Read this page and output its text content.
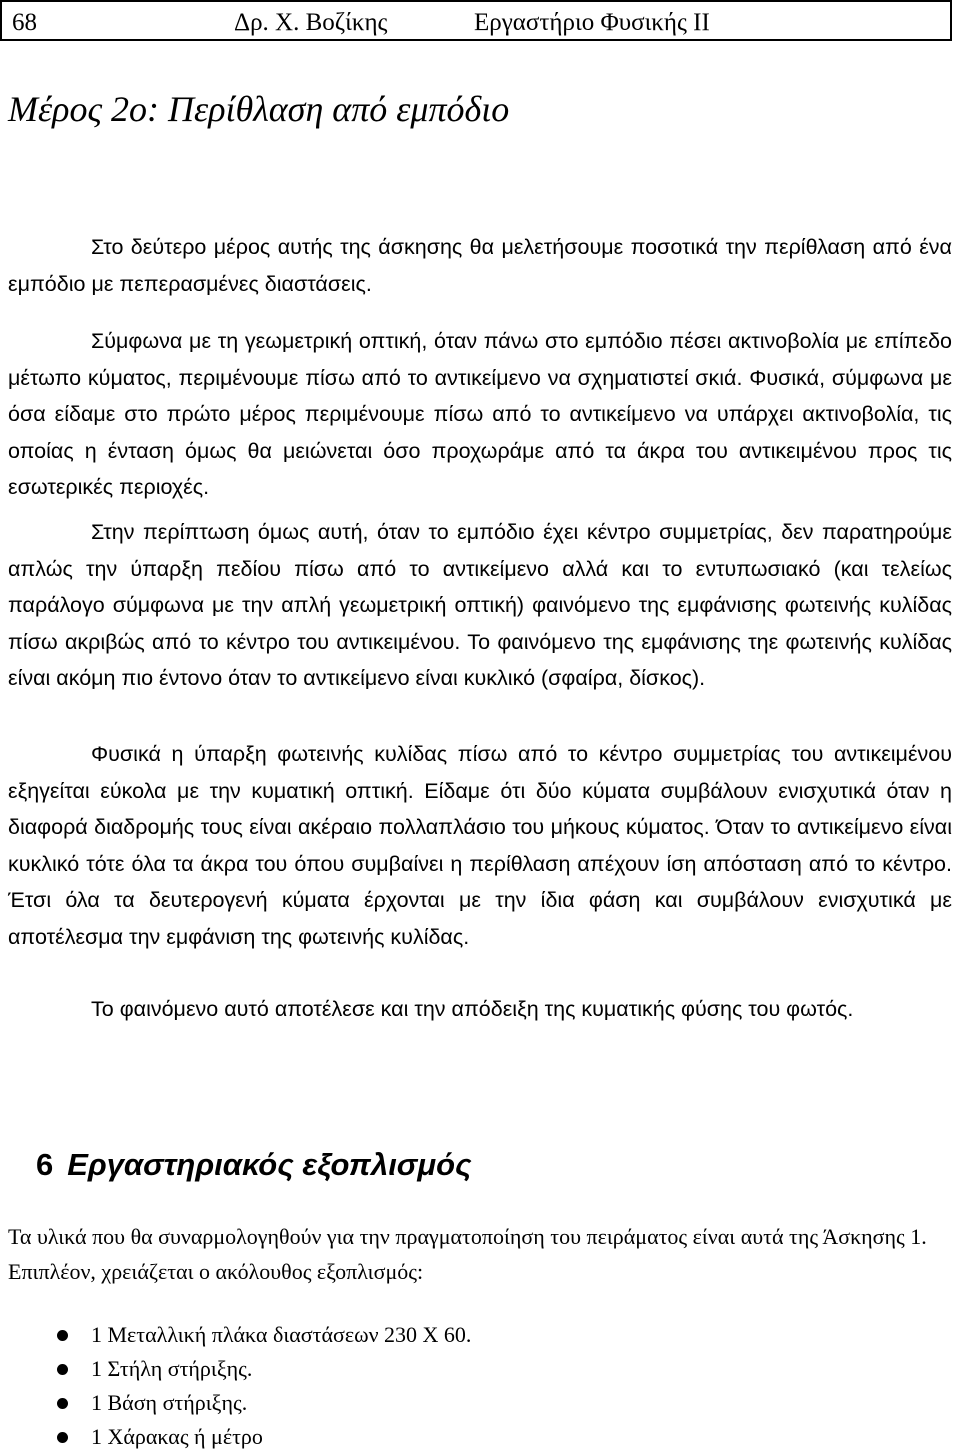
68	Δρ. Χ. Βοζίκης	Εργαστήριο Φυσικής ΙΙ
Μέρος 2ο: Περίθλαση από εμπόδιο

Στο δεύτερο μέρος αυτής της άσκησης θα μελετήσουμε ποσοτικά την περίθλαση από ένα εμπόδιο με πεπερασμένες διαστάσεις.

Σύμφωνα με τη γεωμετρική οπτική, όταν πάνω στο εμπόδιο πέσει ακτινοβολία με επίπεδο μέτωπο κύματος, περιμένουμε πίσω από το αντικείμενο να σχηματιστεί σκιά. Φυσικά, σύμφωνα με όσα είδαμε στο πρώτο μέρος περιμένουμε πίσω από το αντικείμενο να υπάρχει ακτινοβολία, τις οποίας η ένταση όμως θα μειώνεται όσο προχωράμε από τα άκρα του αντικειμένου προς τις εσωτερικές περιοχές.

Στην περίπτωση όμως αυτή, όταν το εμπόδιο έχει κέντρο συμμετρίας, δεν παρατηρούμε απλώς την ύπαρξη πεδίου πίσω από το αντικείμενο αλλά και το εντυπωσιακό (και τελείως παράλογο σύμφωνα με την απλή γεωμετρική οπτική) φαινόμενο της εμφάνισης φωτεινής κυλίδας πίσω ακριβώς από το κέντρο του αντικειμένου. Το φαινόμενο της εμφάνισης τηε φωτεινής κυλίδας είναι ακόμη πιο έντονο όταν το αντικείμενο είναι κυκλικό (σφαίρα, δίσκος).

Φυσικά η ύπαρξη φωτεινής κυλίδας πίσω από το κέντρο συμμετρίας του αντικειμένου εξηγείται εύκολα με την κυματική οπτική. Είδαμε ότι δύο κύματα συμβάλουν ενισχυτικά όταν η διαφορά διαδρομής τους είναι ακέραιο πολλαπλάσιο του μήκους κύματος. Όταν το αντικείμενο είναι κυκλικό τότε όλα τα άκρα του όπου συμβαίνει η περίθλαση απέχουν ίση απόσταση από το κέντρο. Έτσι όλα τα δευτερογενή κύματα έρχονται με την ίδια φάση και συμβάλουν ενισχυτικά με αποτέλεσμα την εμφάνιση της φωτεινής κυλίδας.

Το φαινόμενο αυτό αποτέλεσε και την απόδειξη της κυματικής φύσης του φωτός.

6 Εργαστηριακός εξοπλισμός

Τα υλικά που θα συναρμολογηθούν για την πραγματοποίηση του πειράματος είναι αυτά της Άσκησης 1. Επιπλέον, χρειάζεται ο ακόλουθος εξοπλισμός:

1 Μεταλλική πλάκα διαστάσεων 230 Χ 60.
1 Στήλη στήριξης.
1 Βάση στήριξης.
1 Χάρακας ή μέτρο
